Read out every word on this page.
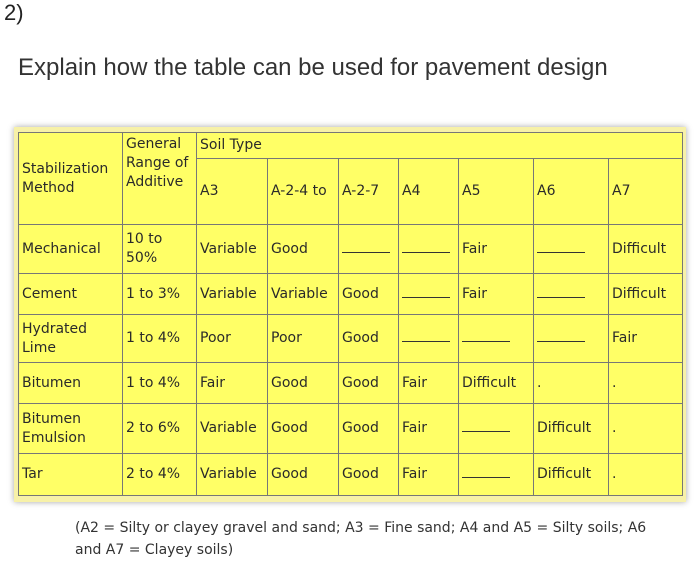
2)
Explain how the table can be used for pavement design
Stabilization Method	General Range of Additive	Soil Type						
		A3	A-2-4 to	A-2-7	A4	A5	A6	A7
Mechanical	10 to 50%	Variable	Good			Fair		Difficult
Cement	1 to 3%	Variable	Variable	Good		Fair		Difficult
Hydrated Lime	1 to 4%	Poor	Poor	Good				Fair
Bitumen	1 to 4%	Fair	Good	Good	Fair	Difficult	.	.
Bitumen Emulsion	2 to 6%	Variable	Good	Good	Fair		Difficult	.
Tar	2 to 4%	Variable	Good	Good	Fair		Difficult	.
(A2 = Silty or clayey gravel and sand; A3 = Fine sand; A4 and A5 = Silty soils; A6 and A7 = Clayey soils)
